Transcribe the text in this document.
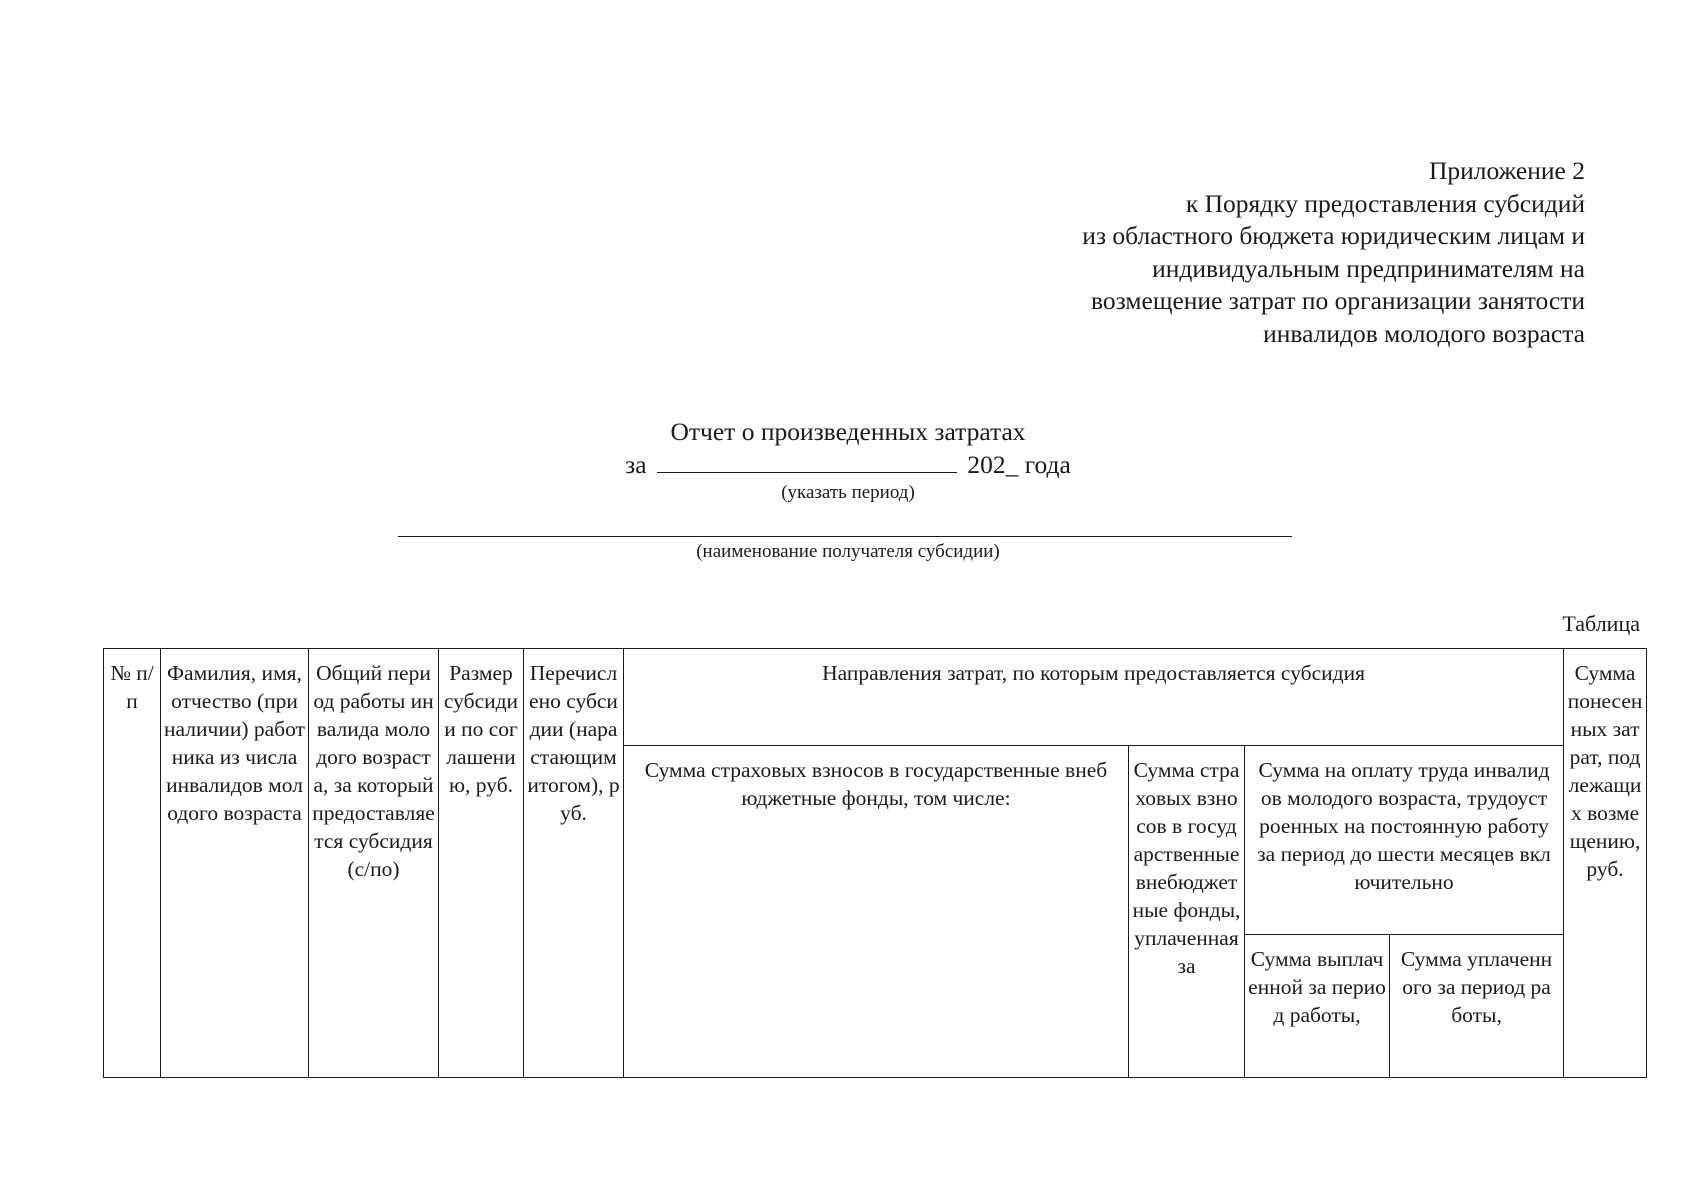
Приложение 2
к Порядку предоставления субсидий
из областного бюджета юридическим лицам и
индивидуальным предпринимателям на
возмещение затрат по организации занятости
инвалидов молодого возраста
Отчет о произведенных затратах
за	202_ года
(указать период)
(наименование получателя субсидии)
Таблица
№ п/п	Фамилия, имя, отчество (при наличии) работника из числа инвалидов молодого возраста	Общий период работы инвалида молодого возраста, за который предоставляется субсидия (с/по)	Размер субсидии по соглашению, руб.	Перечислено субсидии (нарастающим итогом), руб.	Направления затрат, по которым предоставляется субсидия				Сумма понесенных затрат, подлежащих возмещению, руб.
					Сумма страховых взносов в государственные внебюджетные фонды, том числе:	Сумма страховых взносов в государственные внебюджетные фонды, уплаченная за	Сумма на оплату труда инвалидов молодого возраста, трудоустроенных на постоянную работу за период до шести месяцев включительно		
							Сумма выплаченной за период работы,	Сумма уплаченного за период работы,	
